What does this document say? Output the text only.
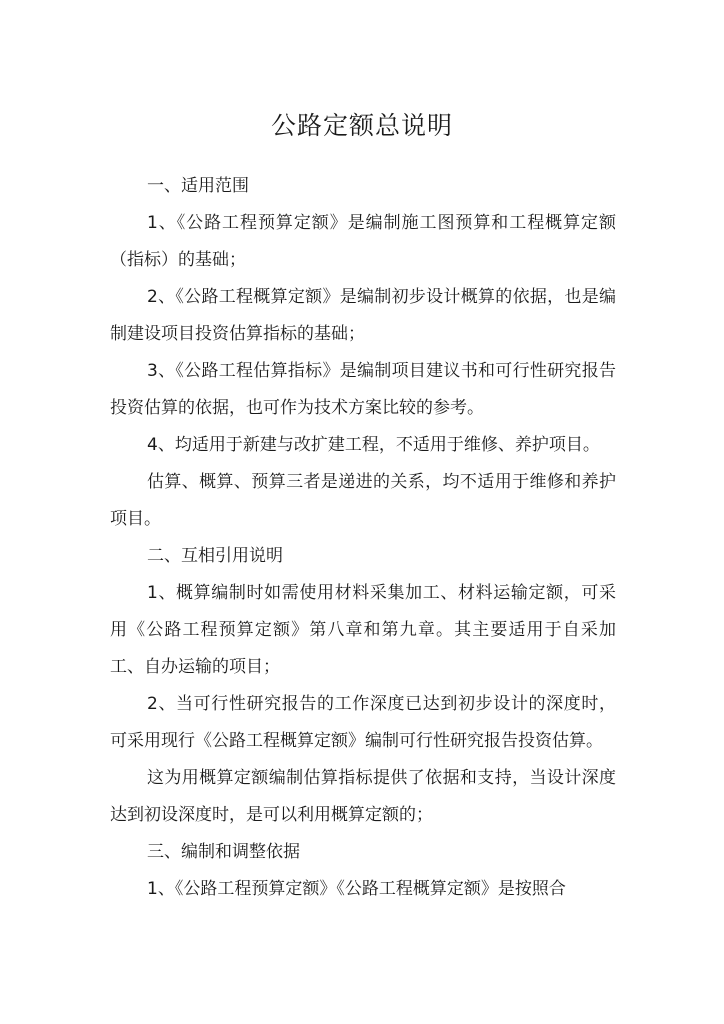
公路定额总说明

一、适用范围

1、《公路工程预算定额》是编制施工图预算和工程概算定额（指标）的基础；

2、《公路工程概算定额》是编制初步设计概算的依据，也是编制建设项目投资估算指标的基础；

3、《公路工程估算指标》是编制项目建议书和可行性研究报告投资估算的依据，也可作为技术方案比较的参考。

4、均适用于新建与改扩建工程，不适用于维修、养护项目。

估算、概算、预算三者是递进的关系，均不适用于维修和养护项目。

二、互相引用说明

1、概算编制时如需使用材料采集加工、材料运输定额，可采用《公路工程预算定额》第八章和第九章。其主要适用于自采加工、自办运输的项目；

2、当可行性研究报告的工作深度已达到初步设计的深度时，可采用现行《公路工程概算定额》编制可行性研究报告投资估算。

这为用概算定额编制估算指标提供了依据和支持，当设计深度达到初设深度时，是可以利用概算定额的；

三、编制和调整依据

1、《公路工程预算定额》《公路工程概算定额》是按照合
